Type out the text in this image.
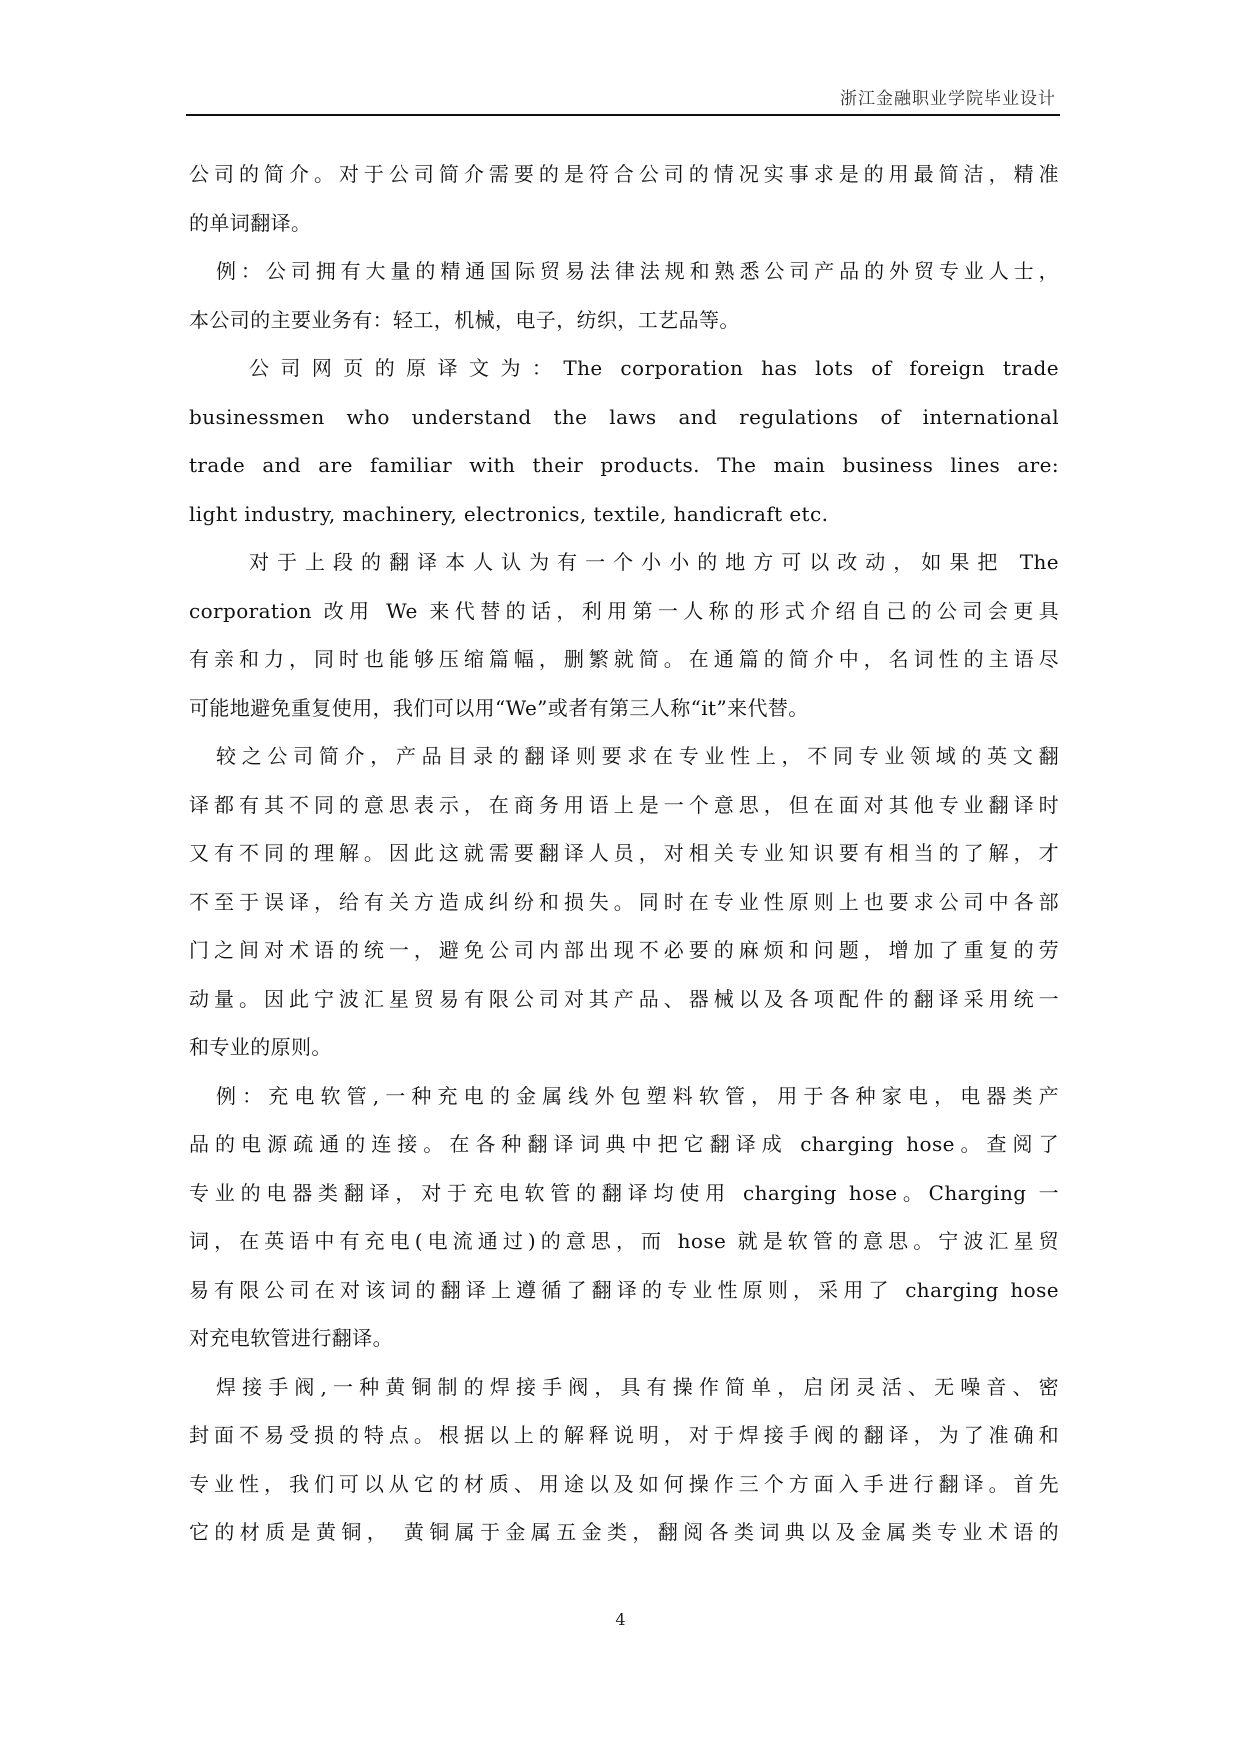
浙江金融职业学院毕业设计
公司的简介。对于公司简介需要的是符合公司的情况实事求是的用最简洁，精准
的单词翻译。
例：公司拥有大量的精通国际贸易法律法规和熟悉公司产品的外贸专业人士，
本公司的主要业务有：轻工，机械，电子，纺织，工艺品等。
公司网页的原译文为：The corporation has lots of foreign trade
businessmen who understand the laws and regulations of international
trade and are familiar with their products. The main business lines are:
light industry, machinery, electronics, textile, handicraft etc.
对于上段的翻译本人认为有一个小小的地方可以改动，如果把 The
corporation 改用 We 来代替的话，利用第一人称的形式介绍自己的公司会更具
有亲和力，同时也能够压缩篇幅，删繁就简。在通篇的简介中，名词性的主语尽
可能地避免重复使用，我们可以用“We”或者有第三人称“it”来代替。
较之公司简介，产品目录的翻译则要求在专业性上，不同专业领域的英文翻
译都有其不同的意思表示，在商务用语上是一个意思，但在面对其他专业翻译时
又有不同的理解。因此这就需要翻译人员，对相关专业知识要有相当的了解，才
不至于误译，给有关方造成纠纷和损失。同时在专业性原则上也要求公司中各部
门之间对术语的统一，避免公司内部出现不必要的麻烦和问题，增加了重复的劳
动量。因此宁波汇星贸易有限公司对其产品、器械以及各项配件的翻译采用统一
和专业的原则。
例：充电软管,一种充电的金属线外包塑料软管，用于各种家电，电器类产
品的电源疏通的连接。在各种翻译词典中把它翻译成 charging hose。查阅了
专业的电器类翻译，对于充电软管的翻译均使用 charging hose。Charging 一
词，在英语中有充电(电流通过)的意思，而 hose 就是软管的意思。宁波汇星贸
易有限公司在对该词的翻译上遵循了翻译的专业性原则，采用了 charging hose
对充电软管进行翻译。
焊接手阀,一种黄铜制的焊接手阀，具有操作简单，启闭灵活、无噪音、密
封面不易受损的特点。根据以上的解释说明，对于焊接手阀的翻译，为了准确和
专业性，我们可以从它的材质、用途以及如何操作三个方面入手进行翻译。首先
它的材质是黄铜， 黄铜属于金属五金类，翻阅各类词典以及金属类专业术语的
4
